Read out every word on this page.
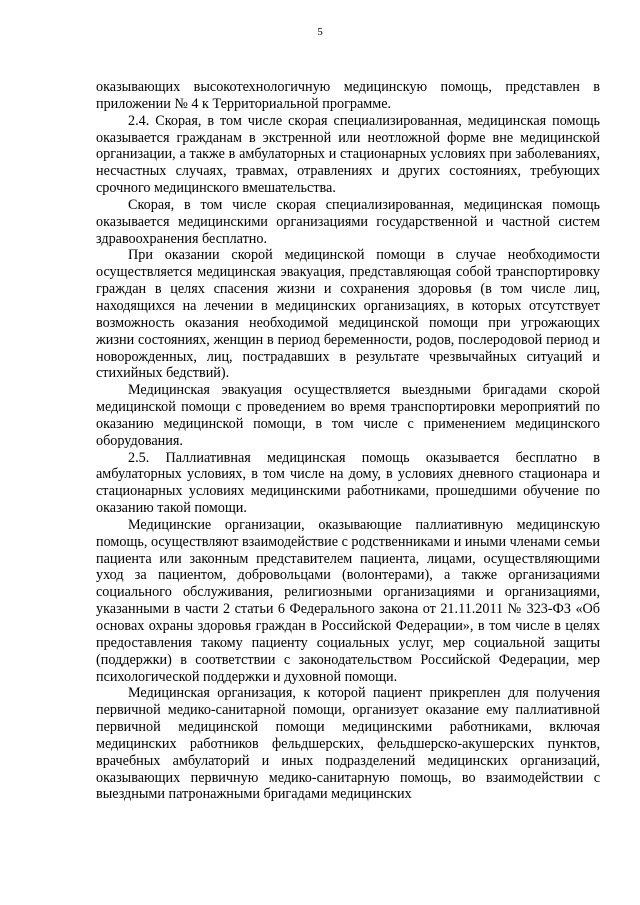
5

оказывающих высокотехнологичную медицинскую помощь, представлен в приложении № 4 к Территориальной программе.

2.4. Скорая, в том числе скорая специализированная, медицинская помощь оказывается гражданам в экстренной или неотложной форме вне медицинской организации, а также в амбулаторных и стационарных условиях при заболеваниях, несчастных случаях, травмах, отравлениях и других состояниях, требующих срочного медицинского вмешательства.

Скорая, в том числе скорая специализированная, медицинская помощь оказывается медицинскими организациями государственной и частной систем здравоохранения бесплатно.

При оказании скорой медицинской помощи в случае необходимости осуществляется медицинская эвакуация, представляющая собой транспортировку граждан в целях спасения жизни и сохранения здоровья (в том числе лиц, находящихся на лечении в медицинских организациях, в которых отсутствует возможность оказания необходимой медицинской помощи при угрожающих жизни состояниях, женщин в период беременности, родов, послеродовой период и новорожденных, лиц, пострадавших в результате чрезвычайных ситуаций и стихийных бедствий).

Медицинская эвакуация осуществляется выездными бригадами скорой медицинской помощи с проведением во время транспортировки мероприятий по оказанию медицинской помощи, в том числе с применением медицинского оборудования.

2.5. Паллиативная медицинская помощь оказывается бесплатно в амбулаторных условиях, в том числе на дому, в условиях дневного стационара и стационарных условиях медицинскими работниками, прошедшими обучение по оказанию такой помощи.

Медицинские организации, оказывающие паллиативную медицинскую помощь, осуществляют взаимодействие с родственниками и иными членами семьи пациента или законным представителем пациента, лицами, осуществляющими уход за пациентом, добровольцами (волонтерами), а также организациями социального обслуживания, религиозными организациями и организациями, указанными в части 2 статьи 6 Федерального закона от 21.11.2011 № 323-ФЗ «Об основах охраны здоровья граждан в Российской Федерации», в том числе в целях предоставления такому пациенту социальных услуг, мер социальной защиты (поддержки) в соответствии с законодательством Российской Федерации, мер психологической поддержки и духовной помощи.

Медицинская организация, к которой пациент прикреплен для получения первичной медико-санитарной помощи, организует оказание ему паллиативной первичной медицинской помощи медицинскими работниками, включая медицинских работников фельдшерских, фельдшерско-акушерских пунктов, врачебных амбулаторий и иных подразделений медицинских организаций, оказывающих первичную медико-санитарную помощь, во взаимодействии с выездными патронажными бригадами медицинских
